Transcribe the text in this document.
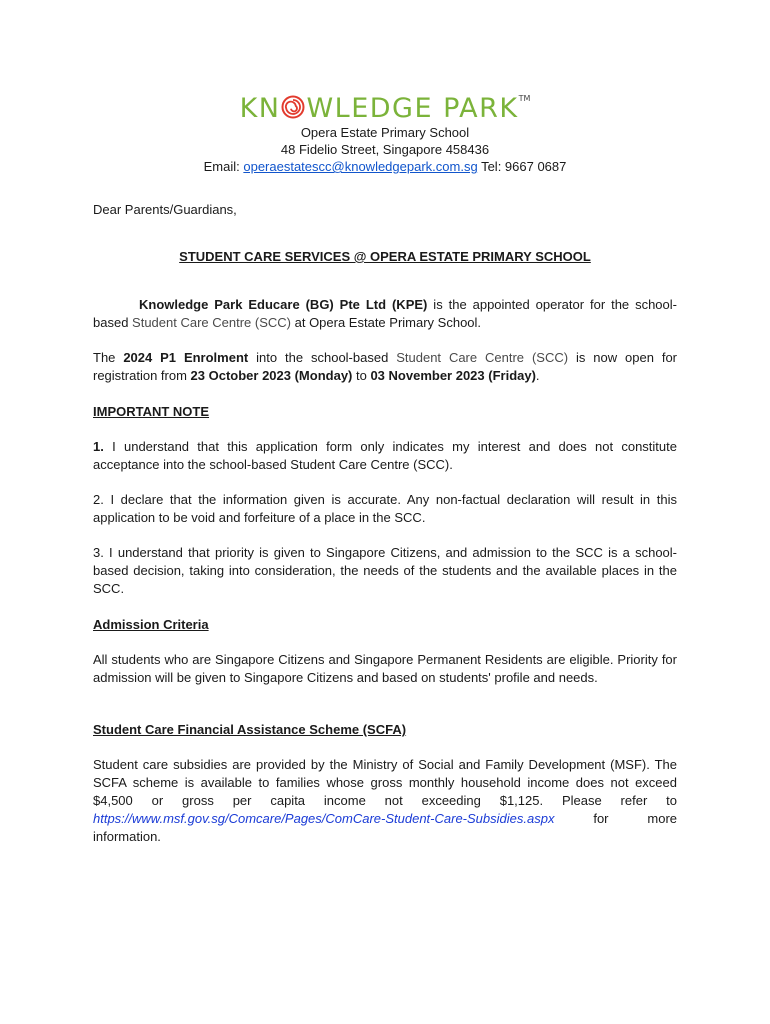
KN WLEDGE PARK™
Opera Estate Primary School
48 Fidelio Street, Singapore 458436
Email: operaestatescc@knowledgepark.com.sg Tel: 9667 0687
Dear Parents/Guardians,
STUDENT CARE SERVICES @ OPERA ESTATE PRIMARY SCHOOL
Knowledge Park Educare (BG) Pte Ltd (KPE) is the appointed operator for the school-based Student Care Centre (SCC) at Opera Estate Primary School.
The 2024 P1 Enrolment into the school-based Student Care Centre (SCC) is now open for registration from 23 October 2023 (Monday) to 03 November 2023 (Friday).
IMPORTANT NOTE
1. I understand that this application form only indicates my interest and does not constitute acceptance into the school-based Student Care Centre (SCC).
2. I declare that the information given is accurate. Any non-factual declaration will result in this application to be void and forfeiture of a place in the SCC.
3. I understand that priority is given to Singapore Citizens, and admission to the SCC is a school-based decision, taking into consideration, the needs of the students and the available places in the SCC.
Admission Criteria
All students who are Singapore Citizens and Singapore Permanent Residents are eligible. Priority for admission will be given to Singapore Citizens and based on students' profile and needs.
Student Care Financial Assistance Scheme (SCFA)
Student care subsidies are provided by the Ministry of Social and Family Development (MSF). The SCFA scheme is available to families whose gross monthly household income does not exceed $4,500 or gross per capita income not exceeding $1,125. Please refer to https://www.msf.gov.sg/Comcare/Pages/ComCare-Student-Care-Subsidies.aspx for more information.
